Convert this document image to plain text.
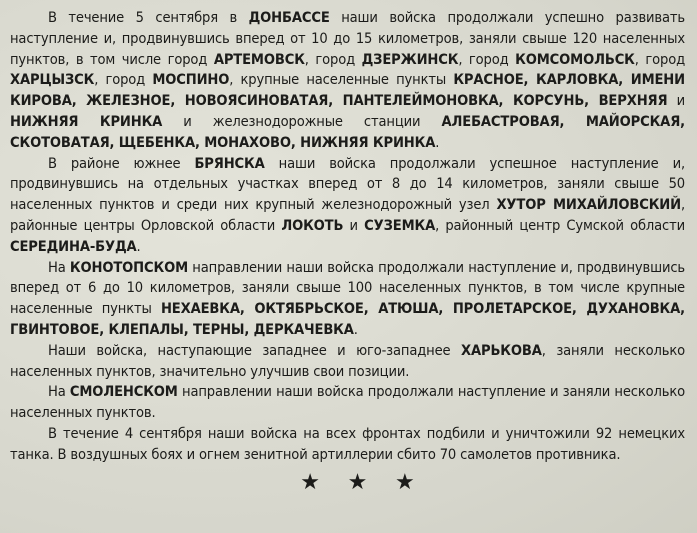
В течение 5 сентября в ДОНБАССЕ наши войска продолжали успешно развивать наступление и, продвинувшись вперед от 10 до 15 километров, заняли свыше 120 населенных пунктов, в том числе город АРТЕМОВСК, город ДЗЕРЖИНСК, город КОМСОМОЛЬСК, город ХАРЦЫЗСК, город МОСПИНО, крупные населенные пункты КРАСНОЕ, КАРЛОВКА, ИМЕНИ КИРОВА, ЖЕЛЕЗНОЕ, НОВОЯСИНОВАТАЯ, ПАНТЕЛЕЙМОНОВКА, КОРСУНЬ, ВЕРХНЯЯ и НИЖНЯЯ КРИНКА и железнодорожные станции АЛЕБАСТРОВАЯ, МАЙОРСКАЯ, СКОТОВАТАЯ, ЩЕБЕНКА, МОНАХОВО, НИЖНЯЯ КРИНКА.

В районе южнее БРЯНСКА наши войска продолжали успешное наступление и, продвинувшись на отдельных участках вперед от 8 до 14 километров, заняли свыше 50 населенных пунктов и среди них крупный железнодорожный узел ХУТОР МИХАЙЛОВСКИЙ, районные центры Орловской области ЛОКОТЬ и СУЗЕМКА, районный центр Сумской области СЕРЕДИНА-БУДА.

На КОНОТОПСКОМ направлении наши войска продолжали наступление и, продвинувшись вперед от 6 до 10 километров, заняли свыше 100 населенных пунктов, в том числе крупные населенные пункты НЕХАЕВКА, ОКТЯБРЬСКОЕ, АТЮША, ПРОЛЕТАРСКОЕ, ДУХАНОВКА, ГВИНТОВОЕ, КЛЕПАЛЫ, ТЕРНЫ, ДЕРКАЧЕВКА.

Наши войска, наступающие западнее и юго-западнее ХАРЬКОВА, заняли несколько населенных пунктов, значительно улучшив свои позиции.

На СМОЛЕНСКОМ направлении наши войска продолжали наступление и заняли несколько населенных пунктов.

В течение 4 сентября наши войска на всех фронтах подбили и уничтожили 92 немецких танка. В воздушных боях и огнем зенитной артиллерии сбито 70 самолетов противника.

★ ★ ★
